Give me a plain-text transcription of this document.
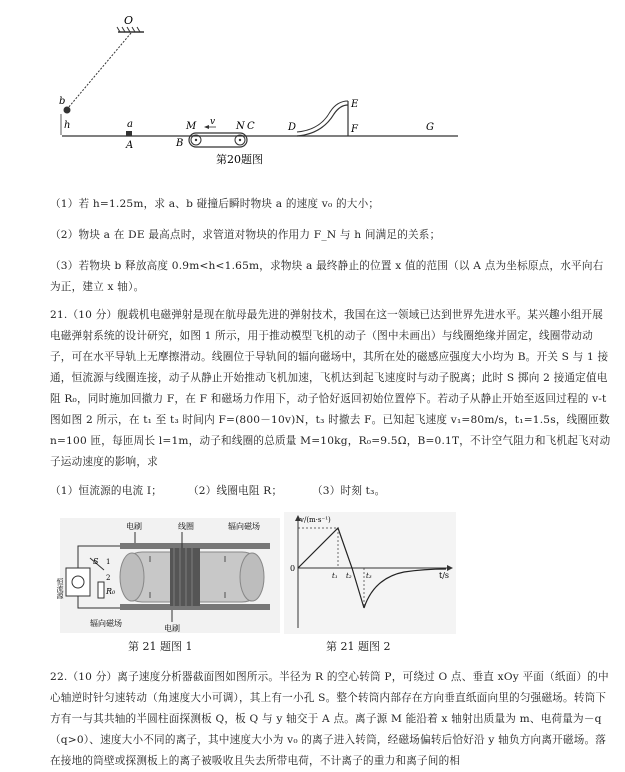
O
b
h	a
A
v
M	N C
B
D
E
F	G
第20题图
（1）若 h=1.25m，求 a、b 碰撞后瞬时物块 a 的速度 v₀ 的大小；
（2）物块 a 在 DE 最高点时，求管道对物块的作用力 F_N 与 h 间满足的关系；
（3）若物块 b 释放高度 0.9m<h<1.65m，求物块 a 最终静止的位置 x 值的范围（以 A 点为坐标原点，水平向右为正，建立 x 轴）。
21.（10 分）舰载机电磁弹射是现在航母最先进的弹射技术，我国在这一领域已达到世界先进水平。某兴趣小组开展电磁弹射系统的设计研究，如图 1 所示，用于推动模型飞机的动子（图中未画出）与线圈绝缘并固定，线圈带动动子，可在水平导轨上无摩擦滑动。线圈位于导轨间的辐向磁场中，其所在处的磁感应强度大小均为 B。开关 S 与 1 接通，恒流源与线圈连接，动子从静止开始推动飞机加速，飞机达到起飞速度时与动子脱离；此时 S 掷向 2 接通定值电阻 R₀，同时施加回撤力 F，在 F 和磁场力作用下，动子恰好返回初始位置停下。若动子从静止开始至返回过程的 v-t 图如图 2 所示，在 t₁ 至 t₃ 时间内 F=(800－10v)N，t₃ 时撤去 F。已知起飞速度 v₁=80m/s，t₁=1.5s，线圈匝数 n=100 匝，每匝周长 l=1m，动子和线圈的总质量 M=10kg，R₀=9.5Ω，B=0.1T，不计空气阻力和飞机起飞对动子运动速度的影响，求
（1）恒流源的电流 I；	（2）线圈电阻 R；	（3）时刻 t₃。
电刷	线圈	辐向磁场
恒流源
S 1
2
R₀
辐向磁场
电刷
第 21 题图 1
v/(m·s⁻¹)
0
t/s
t₁ t₂ t₃
第 21 题图 2
22.（10 分）离子速度分析器截面图如图所示。半径为 R 的空心转筒 P，可绕过 O 点、垂直 xOy 平面（纸面）的中心轴逆时针匀速转动（角速度大小可调），其上有一小孔 S。整个转筒内部存在方向垂直纸面向里的匀强磁场。转筒下方有一与其共轴的半圆柱面探测板 Q，板 Q 与 y 轴交于 A 点。离子源 M 能沿着 x 轴射出质量为 m、电荷量为－q（q>0）、速度大小不同的离子，其中速度大小为 v₀ 的离子进入转筒，经磁场偏转后恰好沿 y 轴负方向离开磁场。落在接地的筒壁或探测板上的离子被吸收且失去所带电荷，不计离子的重力和离子间的相
